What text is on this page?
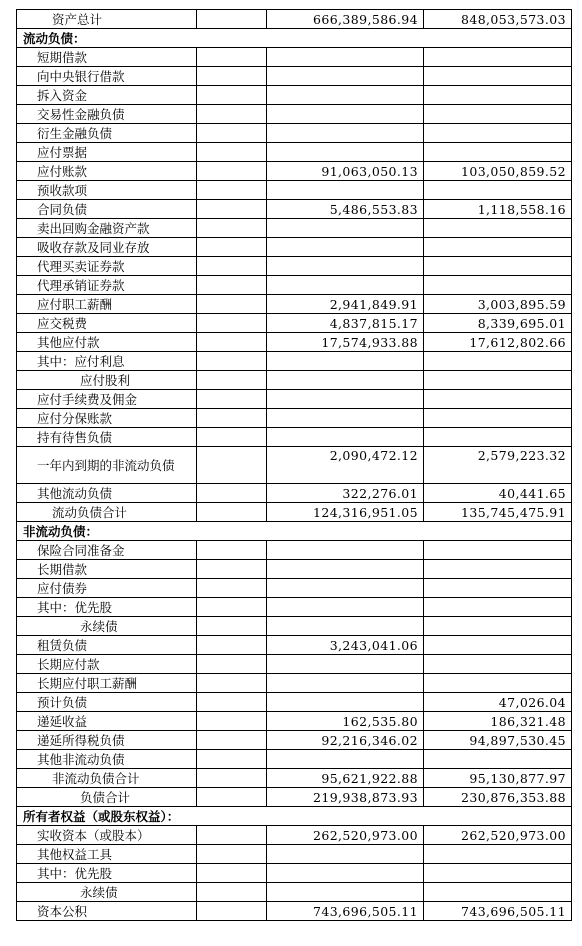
资产总计		666,389,586.94	848,053,573.03
流动负债：			
短期借款			
向中央银行借款			
拆入资金			
交易性金融负债			
衍生金融负债			
应付票据			
应付账款		91,063,050.13	103,050,859.52
预收款项			
合同负债		5,486,553.83	1,118,558.16
卖出回购金融资产款			
吸收存款及同业存放			
代理买卖证券款			
代理承销证券款			
应付职工薪酬		2,941,849.91	3,003,895.59
应交税费		4,837,815.17	8,339,695.01
其他应付款		17,574,933.88	17,612,802.66
其中：应付利息			
应付股利			
应付手续费及佣金			
应付分保账款			
持有待售负债			
一年内到期的非流动负债		2,090,472.12	2,579,223.32
其他流动负债		322,276.01	40,441.65
流动负债合计		124,316,951.05	135,745,475.91
非流动负债：			
保险合同准备金			
长期借款			
应付债券			
其中：优先股			
永续债			
租赁负债		3,243,041.06	
长期应付款			
长期应付职工薪酬			
预计负债			47,026.04
递延收益		162,535.80	186,321.48
递延所得税负债		92,216,346.02	94,897,530.45
其他非流动负债			
非流动负债合计		95,621,922.88	95,130,877.97
负债合计		219,938,873.93	230,876,353.88
所有者权益（或股东权益）：			
实收资本（或股本）		262,520,973.00	262,520,973.00
其他权益工具			
其中：优先股			
永续债			
资本公积		743,696,505.11	743,696,505.11
